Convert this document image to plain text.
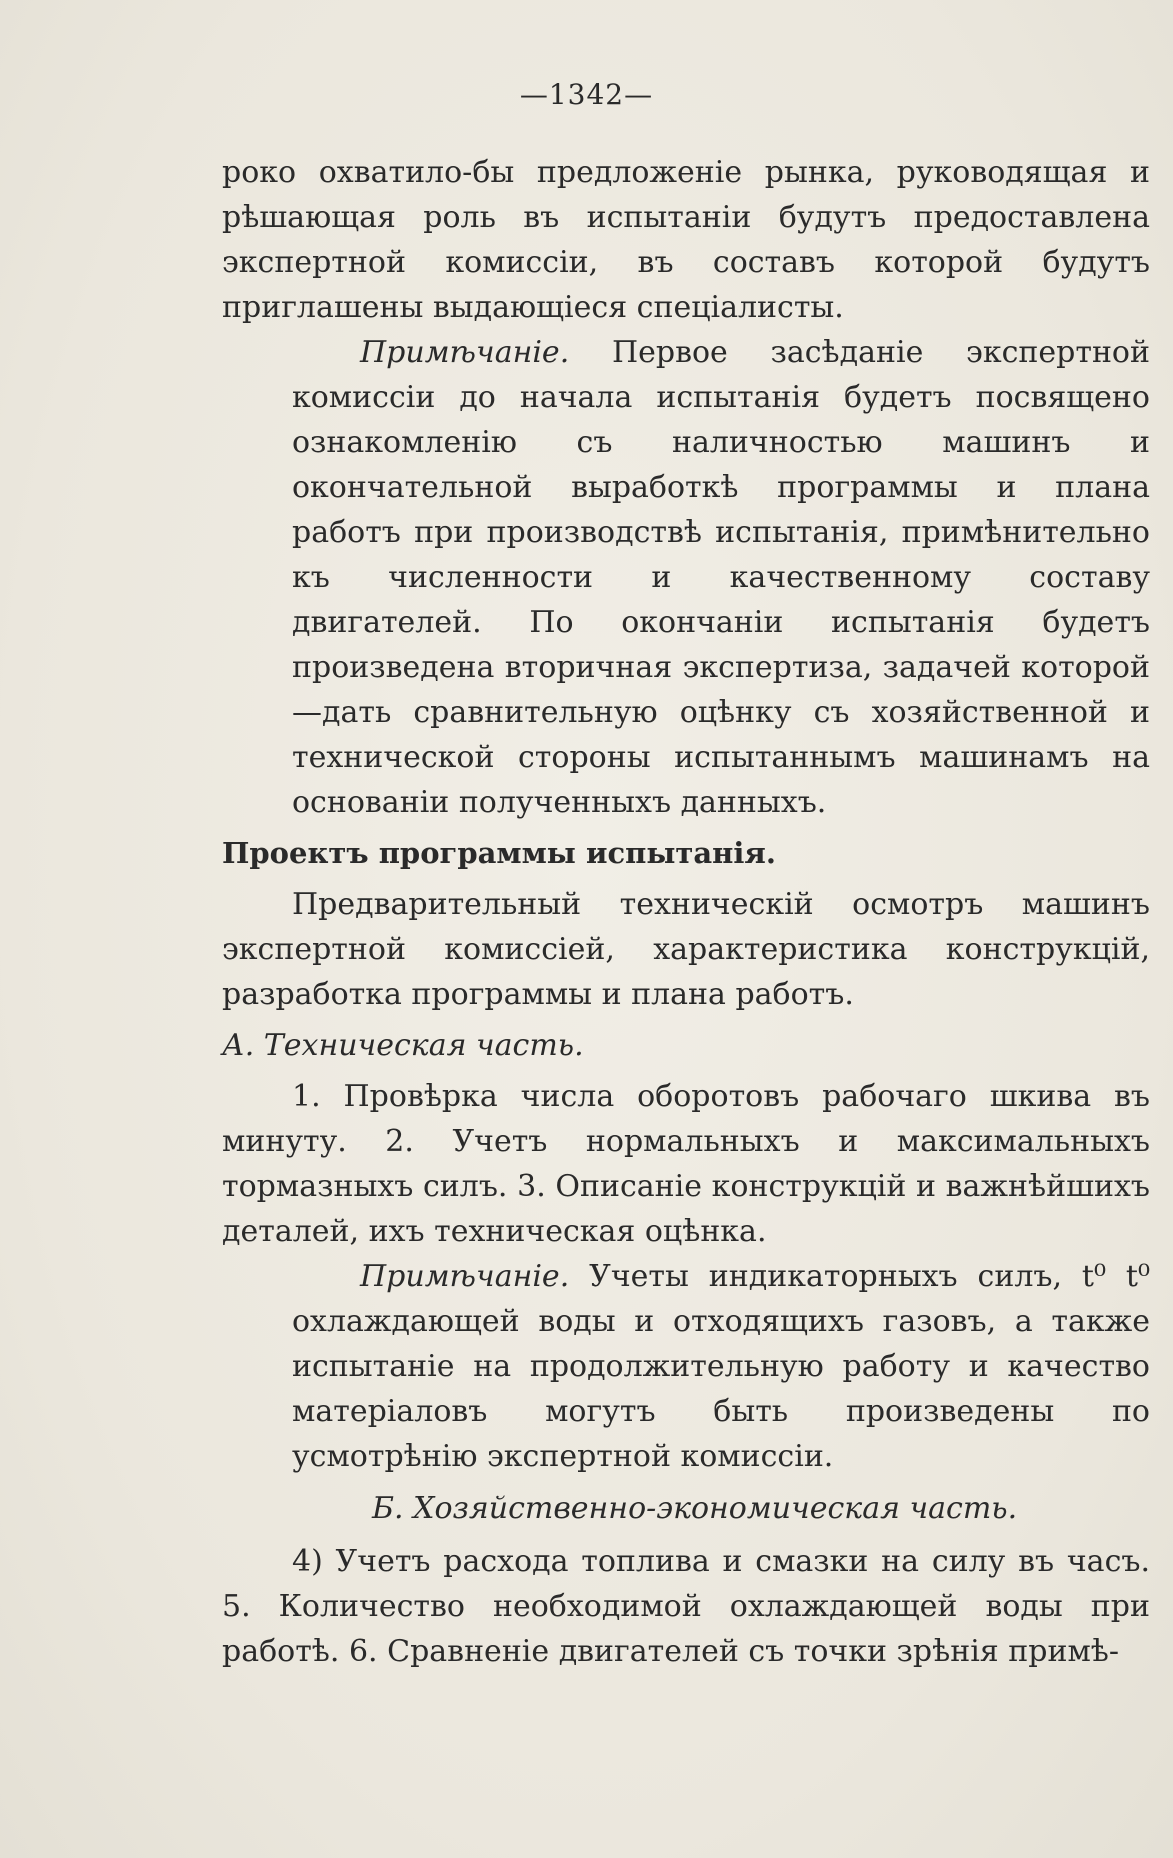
—1342—

роко охватило-бы предложеніе рынка, руководящая и рѣшающая роль въ испытаніи будутъ предоставлена экспертной комиссіи, въ составъ которой будутъ приглашены выдающіеся спеціалисты.

Примѣчаніе. Первое засѣданіе экспертной комиссіи до начала испытанія будетъ посвящено ознакомленію съ наличностью машинъ и окончательной выработкѣ программы и плана работъ при производствѣ испытанія, примѣнительно къ численности и качественному составу двигателей. По окончаніи испытанія будетъ произведена вторичная экспертиза, задачей которой—дать сравнительную оцѣнку съ хозяйственной и технической стороны испытаннымъ машинамъ на основаніи полученныхъ данныхъ.

Проектъ программы испытанія.

Предварительный техническій осмотръ машинъ экспертной комиссіей, характеристика конструкцій, разработка программы и плана работъ.

А. Техническая часть.

1. Провѣрка числа оборотовъ рабочаго шкива въ минуту. 2. Учетъ нормальныхъ и максимальныхъ тормазныхъ силъ. 3. Описаніе конструкцій и важнѣйшихъ деталей, ихъ техническая оцѣнка.

Примѣчаніе. Учеты индикаторныхъ силъ, t⁰ t⁰ охлаждающей воды и отходящихъ газовъ, а также испытаніе на продолжительную работу и качество матеріаловъ могутъ быть произведены по усмотрѣнію экспертной комиссіи.

Б. Хозяйственно-экономическая часть.

4) Учетъ расхода топлива и смазки на силу въ часъ. 5. Количество необходимой охлаждающей воды при работѣ. 6. Сравненіе двигателей съ точки зрѣнія примѣ-
